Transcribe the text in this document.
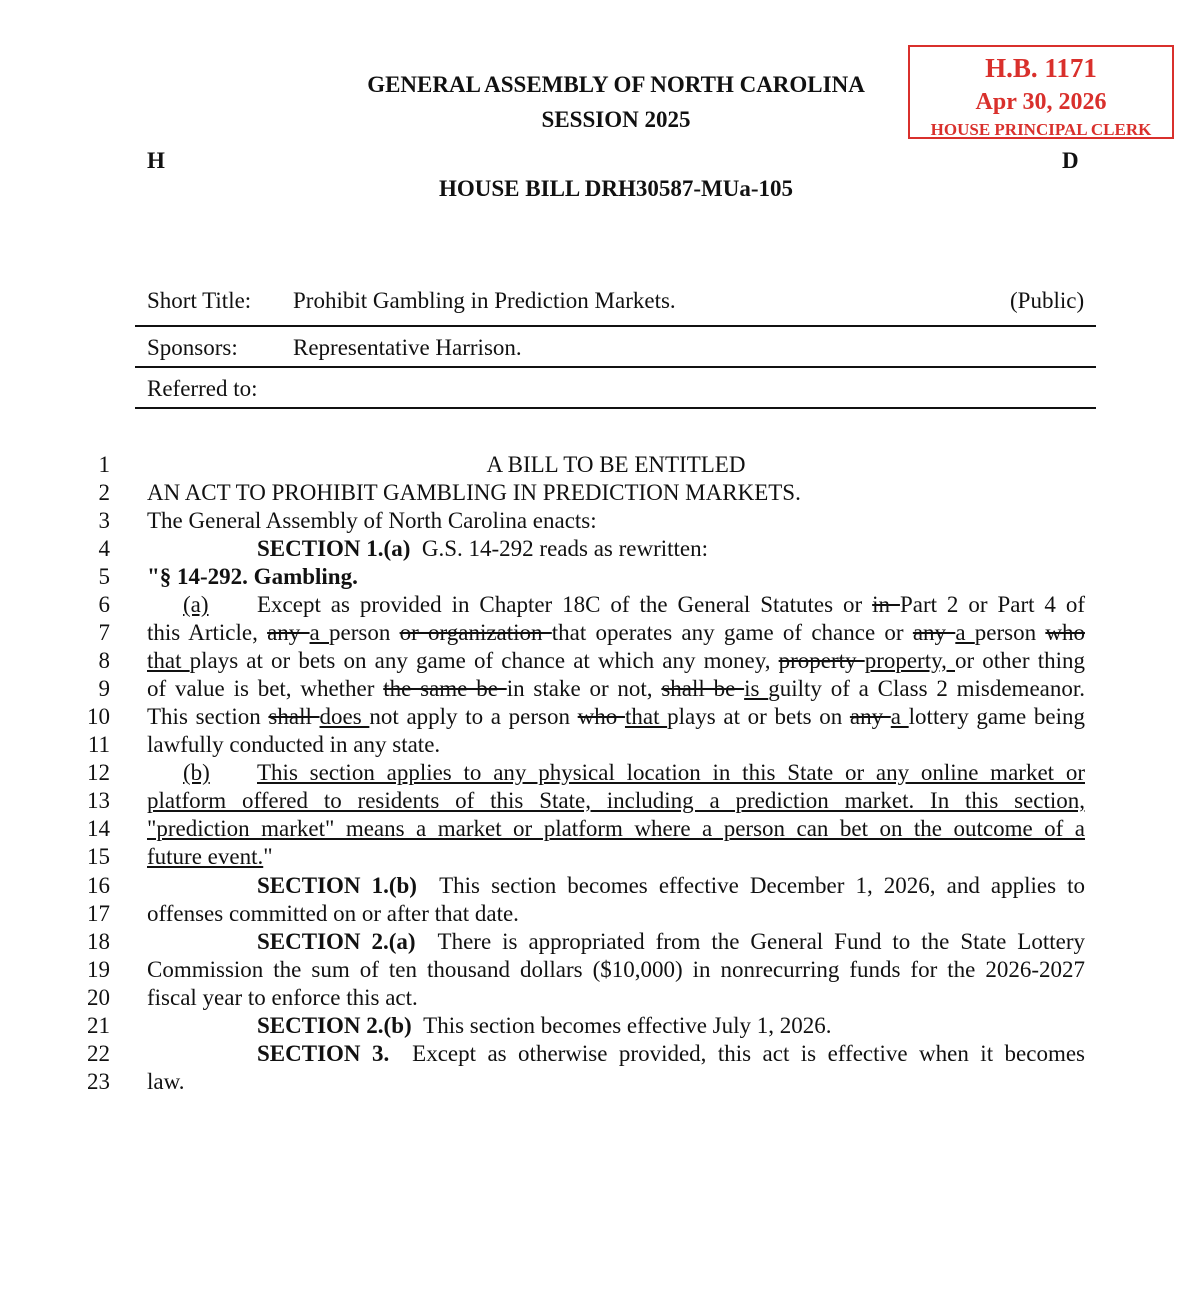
H.B. 1171
Apr 30, 2026
HOUSE PRINCIPAL CLERK
GENERAL ASSEMBLY OF NORTH CAROLINA
SESSION 2025
H	D
HOUSE BILL DRH30587-MUa-105
Short Title: Prohibit Gambling in Prediction Markets.	(Public)
Sponsors: Representative Harrison.
Referred to:
1
2
3
4
5
6
7
8
9
10
11
12
13
14
15
16
17
18
19
20
21
22
23
A BILL TO BE ENTITLED
AN ACT TO PROHIBIT GAMBLING IN PREDICTION MARKETS.
The General Assembly of North Carolina enacts:
SECTION 1.(a) G.S. 14-292 reads as rewritten:
"§ 14-292. Gambling.
(a) Except as provided in Chapter 18C of the General Statutes or in Part 2 or Part 4 of
this Article, any a person or organization that operates any game of chance or any a person who
that plays at or bets on any game of chance at which any money, property property, or other thing
of value is bet, whether the same be in stake or not, shall be is guilty of a Class 2 misdemeanor.
This section shall does not apply to a person who that plays at or bets on any a lottery game being
lawfully conducted in any state.
(b) This section applies to any physical location in this State or any online market or
platform offered to residents of this State, including a prediction market. In this section,
"prediction market" means a market or platform where a person can bet on the outcome of a
future event."
SECTION 1.(b) This section becomes effective December 1, 2026, and applies to
offenses committed on or after that date.
SECTION 2.(a) There is appropriated from the General Fund to the State Lottery
Commission the sum of ten thousand dollars ($10,000) in nonrecurring funds for the 2026-2027
fiscal year to enforce this act.
SECTION 2.(b) This section becomes effective July 1, 2026.
SECTION 3. Except as otherwise provided, this act is effective when it becomes
law.
